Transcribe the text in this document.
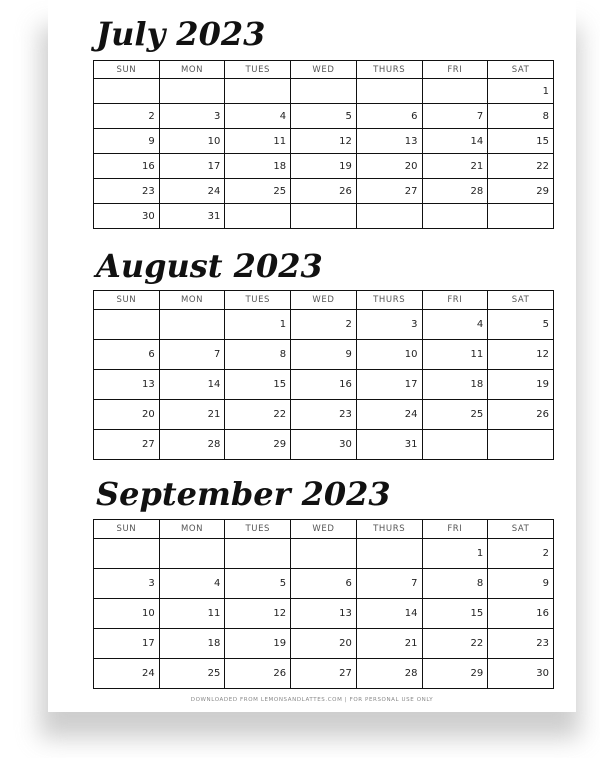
July 2023
SUN	MON	TUES	WED	THURS	FRI	SAT
						1
2	3	4	5	6	7	8
9	10	11	12	13	14	15
16	17	18	19	20	21	22
23	24	25	26	27	28	29
30	31					
August 2023
SUN	MON	TUES	WED	THURS	FRI	SAT
		1	2	3	4	5
6	7	8	9	10	11	12
13	14	15	16	17	18	19
20	21	22	23	24	25	26
27	28	29	30	31		
September 2023
SUN	MON	TUES	WED	THURS	FRI	SAT
					1	2
3	4	5	6	7	8	9
10	11	12	13	14	15	16
17	18	19	20	21	22	23
24	25	26	27	28	29	30
DOWNLOADED FROM LEMONSANDLATTES.COM | FOR PERSONAL USE ONLY
